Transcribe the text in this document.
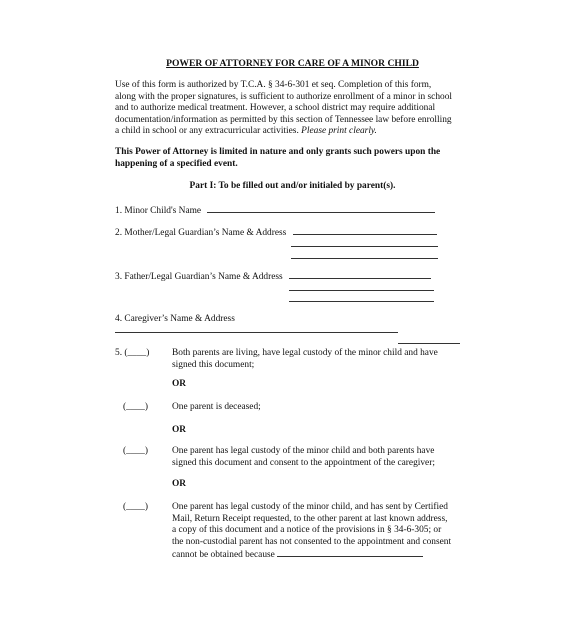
POWER OF ATTORNEY FOR CARE OF A MINOR CHILD
Use of this form is authorized by T.C.A. § 34-6-301 et seq. Completion of this form,
along with the proper signatures, is sufficient to authorize enrollment of a minor in school
and to authorize medical treatment. However, a school district may require additional
documentation/information as permitted by this section of Tennessee law before enrolling
a child in school or any extracurricular activities. Please print clearly.
This Power of Attorney is limited in nature and only grants such powers upon the
happening of a specified event.
Part I: To be filled out and/or initialed by parent(s).
1. Minor Child's Name
2. Mother/Legal Guardian’s Name & Address
3. Father/Legal Guardian’s Name & Address
4. Caregiver’s Name & Address
5. (____) Both parents are living, have legal custody of the minor child and have
signed this document;
OR
(____)	One parent is deceased;
OR
(____)	One parent has legal custody of the minor child and both parents have
signed this document and consent to the appointment of the caregiver;
OR
(____)	One parent has legal custody of the minor child, and has sent by Certified
Mail, Return Receipt requested, to the other parent at last known address,
a copy of this document and a notice of the provisions in § 34-6-305; or
the non-custodial parent has not consented to the appointment and consent
cannot be obtained because
